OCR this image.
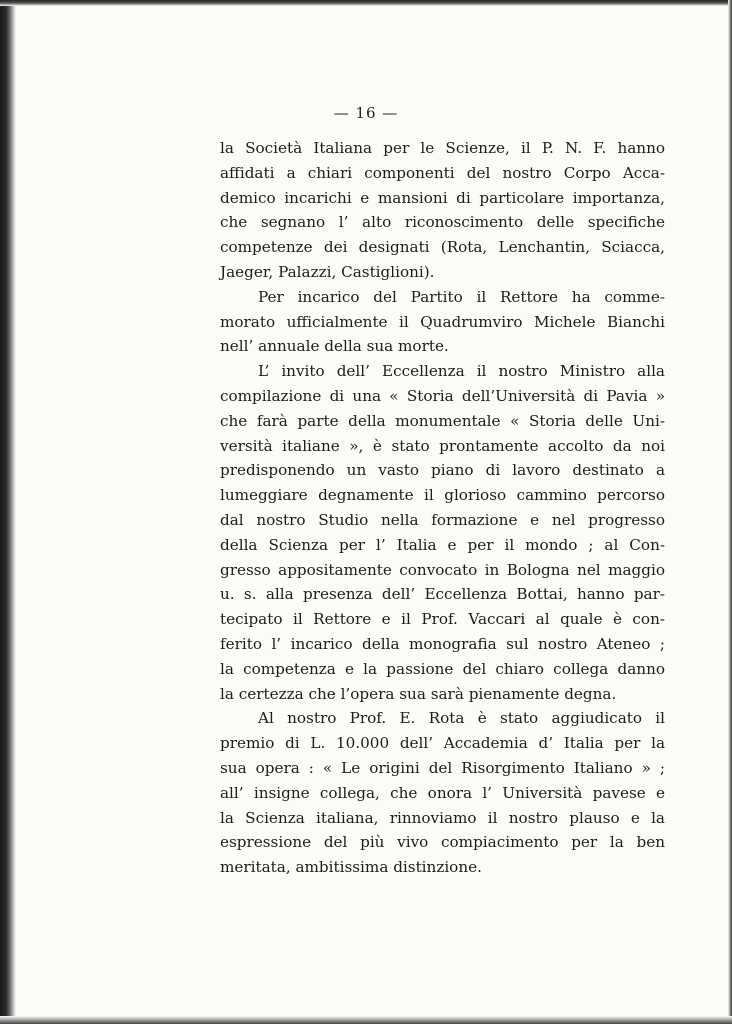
— 16 —
la Società Italiana per le Scienze, il P. N. F. hanno
affidati a chiari componenti del nostro Corpo Acca-
demico incarichi e mansioni di particolare importanza,
che segnano l’ alto riconoscimento delle specifiche
competenze dei designati (Rota, Lenchantin, Sciacca,
Jaeger, Palazzi, Castiglioni).
Per incarico del Partito il Rettore ha comme-
morato ufficialmente il Quadrumviro Michele Bianchi
nell’ annuale della sua morte.
L’ invito dell’ Eccellenza il nostro Ministro alla
compilazione di una « Storia dell’Università di Pavia »
che farà parte della monumentale « Storia delle Uni-
versità italiane », è stato prontamente accolto da noi
predisponendo un vasto piano di lavoro destinato a
lumeggiare degnamente il glorioso cammino percorso
dal nostro Studio nella formazione e nel progresso
della Scienza per l’ Italia e per il mondo ; al Con-
gresso appositamente convocato in Bologna nel maggio
u. s. alla presenza dell’ Eccellenza Bottai, hanno par-
tecipato il Rettore e il Prof. Vaccari al quale è con-
ferito l’ incarico della monografia sul nostro Ateneo ;
la competenza e la passione del chiaro collega danno
la certezza che l’opera sua sarà pienamente degna.
Al nostro Prof. E. Rota è stato aggiudicato il
premio di L. 10.000 dell’ Accademia d’ Italia per la
sua opera : « Le origini del Risorgimento Italiano » ;
all’ insigne collega, che onora l’ Università pavese e
la Scienza italiana, rinnoviamo il nostro plauso e la
espressione del più vivo compiacimento per la ben
meritata, ambitissima distinzione.
